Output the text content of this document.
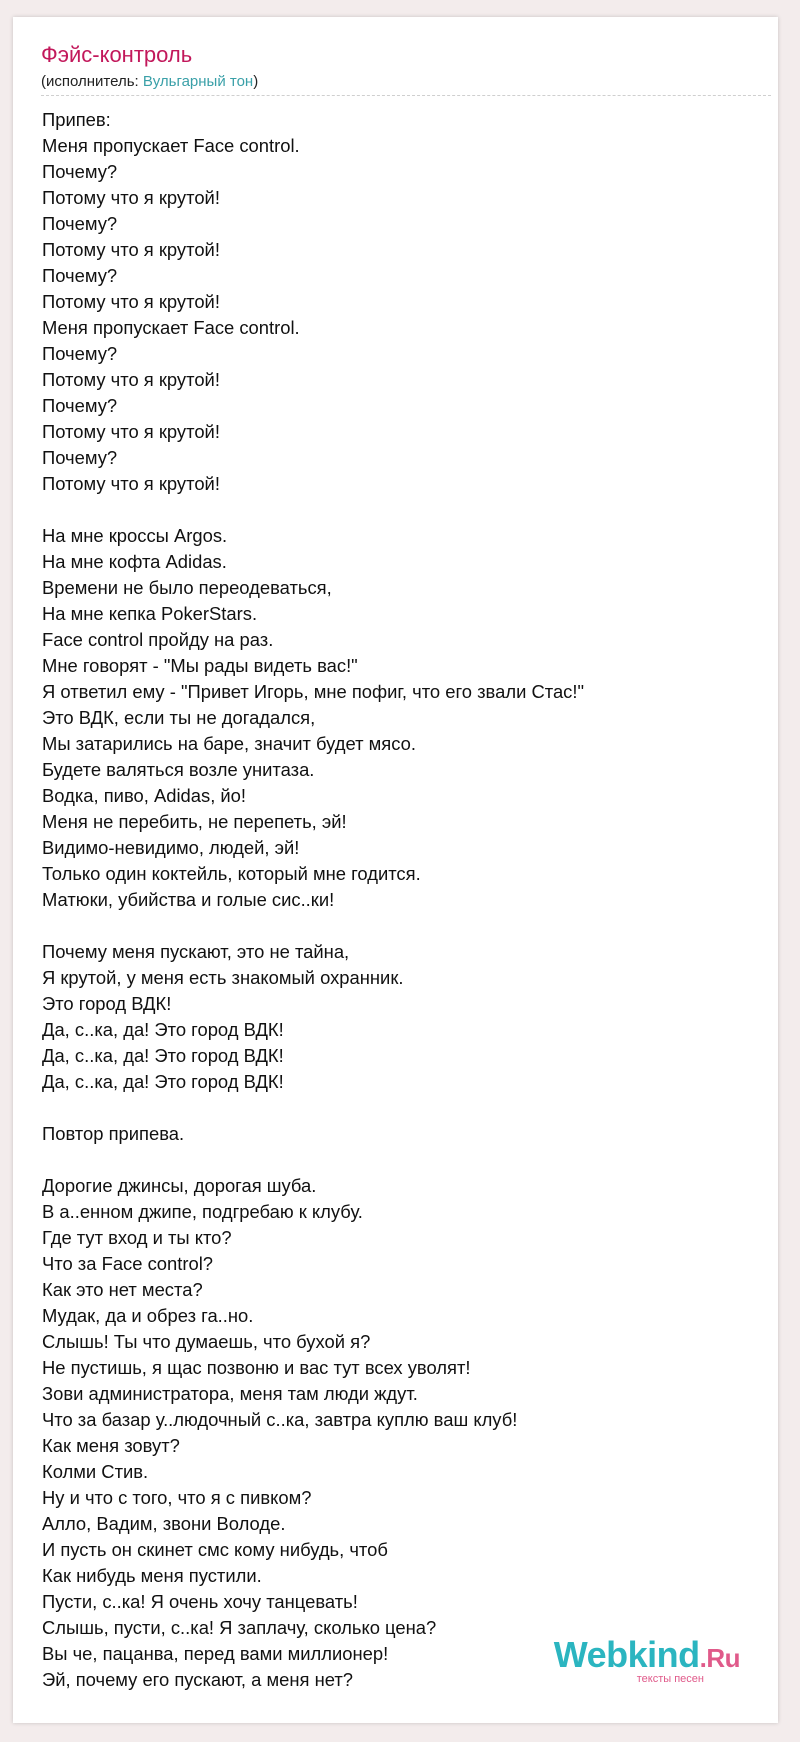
Фэйс-контроль
(исполнитель: Вульгарный тон)
Припев:
Меня пропускает Face control.
Почему?
Потому что я крутой!
Почему?
Потому что я крутой!
Почему?
Потому что я крутой!
Меня пропускает Face control.
Почему?
Потому что я крутой!
Почему?
Потому что я крутой!
Почему?
Потому что я крутой!
На мне кроссы Argos.
На мне кофта Adidas.
Времени не было переодеваться,
На мне кепка PokerStars.
Face control пройду на раз.
Мне говорят - "Мы рады видеть вас!"
Я ответил ему - "Привет Игорь, мне пофиг, что его звали Стас!"
Это ВДК, если ты не догадался,
Мы затарились на баре, значит будет мясо.
Будете валяться возле унитаза.
Водка, пиво, Adidas, йо!
Меня не перебить, не перепеть, эй!
Видимо-невидимо, людей, эй!
Только один коктейль, который мне годится.
Матюки, убийства и голые сис..ки!
Почему меня пускают, это не тайна,
Я крутой, у меня есть знакомый охранник.
Это город ВДК!
Да, с..ка, да! Это город ВДК!
Да, с..ка, да! Это город ВДК!
Да, с..ка, да! Это город ВДК!
Повтор припева.
Дорогие джинсы, дорогая шуба.
В а..енном джипе, подгребаю к клубу.
Где тут вход и ты кто?
Что за Face control?
Как это нет места?
Мудак, да и обрез га..но.
Слышь! Ты что думаешь, что бухой я?
Не пустишь, я щас позвоню и вас тут всех уволят!
Зови администратора, меня там люди ждут.
Что за базар у..людочный с..ка, завтра куплю ваш клуб!
Как меня зовут?
Колми Стив.
Ну и что с того, что я с пивком?
Алло, Вадим, звони Володе.
И пусть он скинет смс кому нибудь, чтоб
Как нибудь меня пустили.
Пусти, с..ка! Я очень хочу танцевать!
Слышь, пусти, с..ка! Я заплачу, сколько цена?
Вы че, пацанва, перед вами миллионер!
Эй, почему его пускают, а меня нет?
Webkind.Ru
тексты песен
